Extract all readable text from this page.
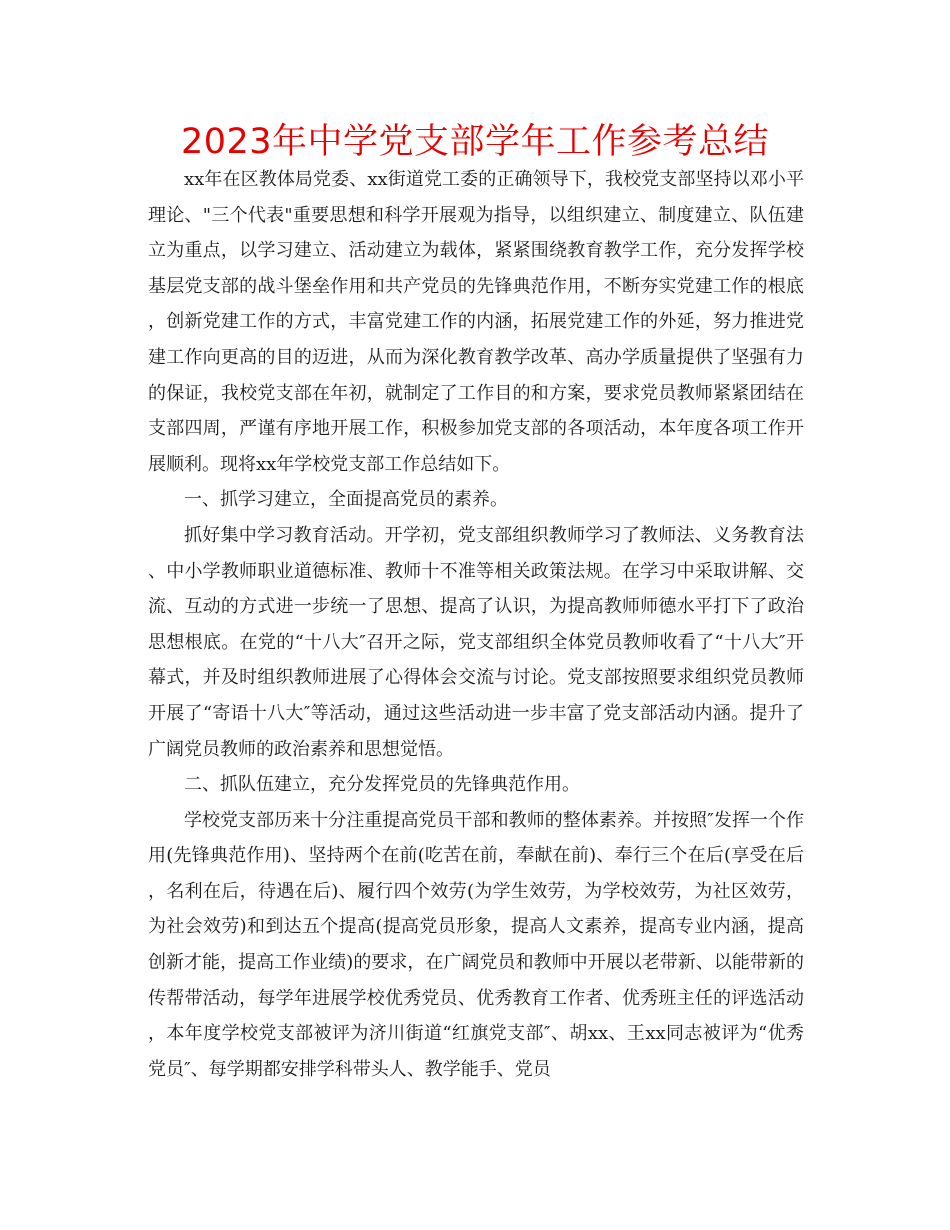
2023年中学党支部学年工作参考总结

xx年在区教体局党委、xx街道党工委的正确领导下，我校党支部坚持以邓小平理论、"三个代表"重要思想和科学开展观为指导，以组织建立、制度建立、队伍建立为重点，以学习建立、活动建立为载体，紧紧围绕教育教学工作，充分发挥学校基层党支部的战斗堡垒作用和共产党员的先锋典范作用，不断夯实党建工作的根底，创新党建工作的方式，丰富党建工作的内涵，拓展党建工作的外延，努力推进党建工作向更高的目的迈进，从而为深化教育教学改革、高办学质量提供了坚强有力的保证，我校党支部在年初，就制定了工作目的和方案，要求党员教师紧紧团结在支部四周，严谨有序地开展工作，积极参加党支部的各项活动，本年度各项工作开展顺利。现将xx年学校党支部工作总结如下。

一、抓学习建立，全面提高党员的素养。

抓好集中学习教育活动。开学初，党支部组织教师学习了教师法、义务教育法、中小学教师职业道德标准、教师十不准等相关政策法规。在学习中采取讲解、交流、互动的方式进一步统一了思想、提高了认识，为提高教师师德水平打下了政治思想根底。在党的“十八大″召开之际，党支部组织全体党员教师收看了“十八大″开幕式，并及时组织教师进展了心得体会交流与讨论。党支部按照要求组织党员教师开展了“寄语十八大″等活动，通过这些活动进一步丰富了党支部活动内涵。提升了广阔党员教师的政治素养和思想觉悟。

二、抓队伍建立，充分发挥党员的先锋典范作用。

学校党支部历来十分注重提高党员干部和教师的整体素养。并按照″发挥一个作用(先锋典范作用)、坚持两个在前(吃苦在前，奉献在前)、奉行三个在后(享受在后，名利在后，待遇在后)、履行四个效劳(为学生效劳，为学校效劳，为社区效劳，为社会效劳)和到达五个提高(提高党员形象，提高人文素养，提高专业内涵，提高创新才能，提高工作业绩)的要求，在广阔党员和教师中开展以老带新、以能带新的传帮带活动，每学年进展学校优秀党员、优秀教育工作者、优秀班主任的评选活动，本年度学校党支部被评为济川街道“红旗党支部″、胡xx、王xx同志被评为“优秀党员″、每学期都安排学科带头人、教学能手、党员
